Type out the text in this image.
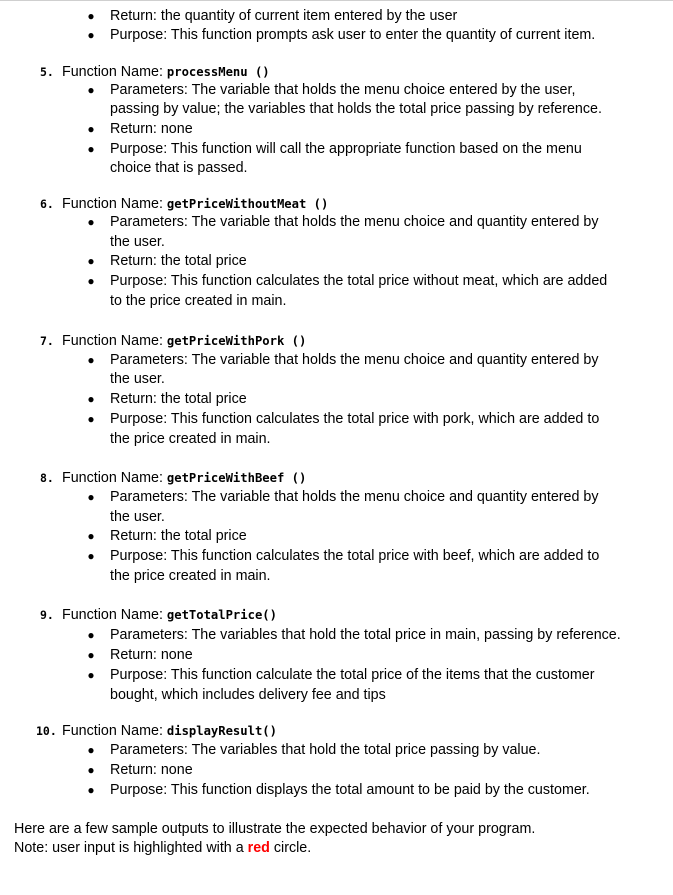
● Return: the quantity of current item entered by the user
● Purpose: This function prompts ask user to enter the quantity of current item.
5. Function Name: processMenu ()
● Parameters: The variable that holds the menu choice entered by the user,
passing by value; the variables that holds the total price passing by reference.
● Return: none
● Purpose: This function will call the appropriate function based on the menu
choice that is passed.
6. Function Name: getPriceWithoutMeat ()
● Parameters: The variable that holds the menu choice and quantity entered by
the user.
● Return: the total price
● Purpose: This function calculates the total price without meat, which are added
to the price created in main.
7. Function Name: getPriceWithPork ()
● Parameters: The variable that holds the menu choice and quantity entered by
the user.
● Return: the total price
● Purpose: This function calculates the total price with pork, which are added to
the price created in main.
8. Function Name: getPriceWithBeef ()
● Parameters: The variable that holds the menu choice and quantity entered by
the user.
● Return: the total price
● Purpose: This function calculates the total price with beef, which are added to
the price created in main.
9. Function Name: getTotalPrice()
● Parameters: The variables that hold the total price in main, passing by reference.
● Return: none
● Purpose: This function calculate the total price of the items that the customer
bought, which includes delivery fee and tips
10. Function Name: displayResult()
● Parameters: The variables that hold the total price passing by value.
● Return: none
● Purpose: This function displays the total amount to be paid by the customer.
Here are a few sample outputs to illustrate the expected behavior of your program.
Note: user input is highlighted with a red circle.
